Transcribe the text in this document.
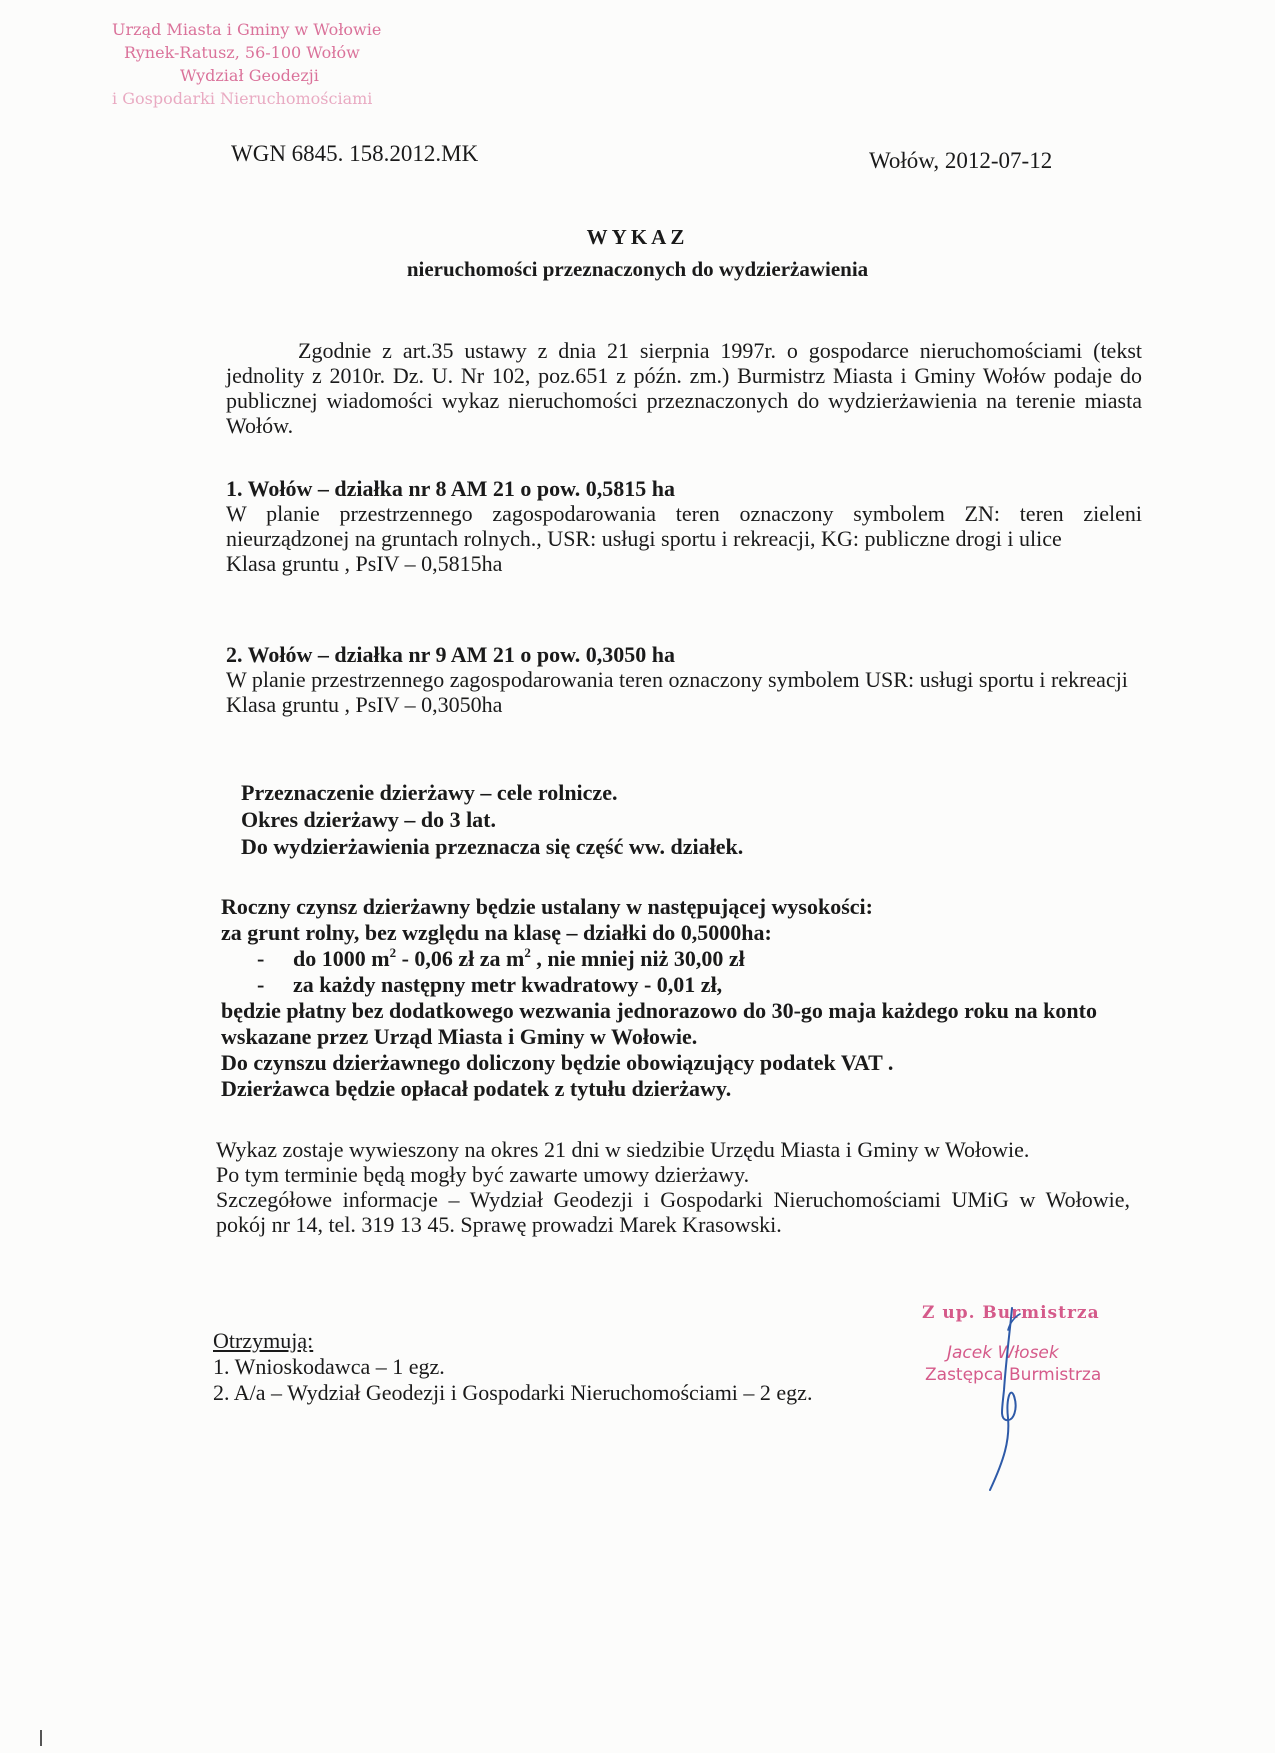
Urząd Miasta i Gminy w Wołowie
Rynek-Ratusz, 56-100 Wołów
Wydział Geodezji
i Gospodarki Nieruchomościami
WGN 6845. 158.2012.MK	Wołów, 2012-07-12
WYKAZ
nieruchomości przeznaczonych do wydzierżawienia
Zgodnie z art.35 ustawy z dnia 21 sierpnia 1997r. o gospodarce nieruchomościami (tekst jednolity z 2010r. Dz. U. Nr 102, poz.651 z późn. zm.) Burmistrz Miasta i Gminy Wołów podaje do publicznej wiadomości wykaz nieruchomości przeznaczonych do wydzierżawienia na terenie miasta Wołów.
1. Wołów – działka nr 8 AM 21 o pow. 0,5815 ha
W planie przestrzennego zagospodarowania teren oznaczony symbolem ZN: teren zieleni nieurządzonej na gruntach rolnych., USR: usługi sportu i rekreacji, KG: publiczne drogi i ulice
Klasa gruntu , PsIV – 0,5815ha
2. Wołów – działka nr 9 AM 21 o pow. 0,3050 ha
W planie przestrzennego zagospodarowania teren oznaczony symbolem USR: usługi sportu i rekreacji
Klasa gruntu , PsIV – 0,3050ha
Przeznaczenie dzierżawy – cele rolnicze.
Okres dzierżawy – do 3 lat.
Do wydzierżawienia przeznacza się część ww. działek.
Roczny czynsz dzierżawny będzie ustalany w następującej wysokości:
za grunt rolny, bez względu na klasę – działki do 0,5000ha:
- do 1000 $m^2 - 0,06$ zł za $m^2$ , nie mniej niż 30,00 zł
- za każdy następny metr kwadratowy - 0,01 zł,
będzie płatny bez dodatkowego wezwania jednorazowo do 30-go maja każdego roku na konto wskazane przez Urząd Miasta i Gminy w Wołowie.
Do czynszu dzierżawnego doliczony będzie obowiązujący podatek VAT .
Dzierżawca będzie opłacał podatek z tytułu dzierżawy.
Wykaz zostaje wywieszony na okres 21 dni w siedzibie Urzędu Miasta i Gminy w Wołowie.
Po tym terminie będą mogły być zawarte umowy dzierżawy.
Szczegółowe informacje – Wydział Geodezji i Gospodarki Nieruchomościami UMiG w Wołowie, pokój nr 14, tel. 319 13 45. Sprawę prowadzi Marek Krasowski.
Otrzymują:
1. Wnioskodawca – 1 egz.
2. A/a – Wydział Geodezji i Gospodarki Nieruchomościami – 2 egz.
Z up. Burmistrza
Jacek Włosek
Zastępca Burmistrza
